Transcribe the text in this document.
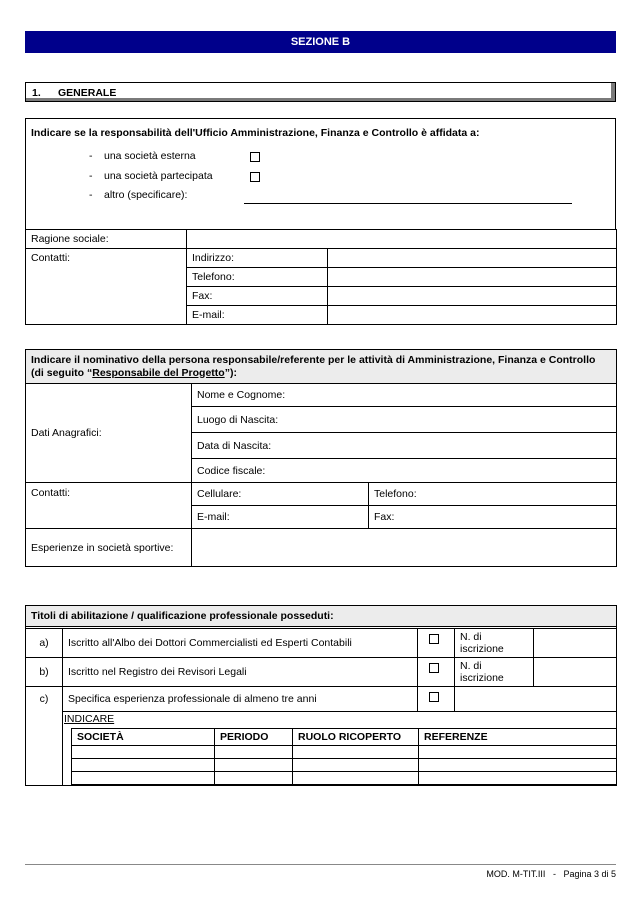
SEZIONE B
1. GENERALE
Indicare se la responsabilità dell'Ufficio Amministrazione, Finanza e Controllo è affidata a:
- una società esterna
- una società partecipata
- altro (specificare):
Ragione sociale:		
Contatti:	Indirizzo:	
	Telefono:	
	Fax:	
	E-mail:	
Indicare il nominativo della persona responsabile/referente per le attività di Amministrazione, Finanza e Controllo (di seguito “Responsabile del Progetto”):		
Dati Anagrafici:	Nome e Cognome:	
	Luogo di Nascita:	
	Data di Nascita:	
	Codice fiscale:	
Contatti:	Cellulare:	Telefono:
	E-mail:	Fax:
Esperienze in società sportive:		
Titoli di abilitazione / qualificazione professionale posseduti:
a)	Iscritto all'Albo dei Dottori Commercialisti ed Esperti Contabili		N. di iscrizione	
b)	Iscritto nel Registro dei Revisori Legali		N. di iscrizione	
c)	Specifica esperienza professionale di almeno tre anni		

INDICARE
SOCIETÀ	PERIODO	RUOLO RICOPERTO	REFERENZE

MOD. M-TIT.III - Pagina 3 di 5
